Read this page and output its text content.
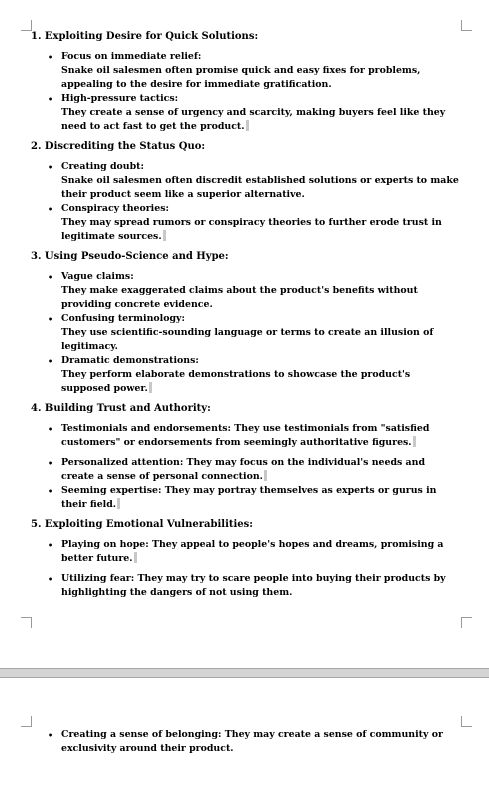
1. Exploiting Desire for Quick Solutions:
• Focus on immediate relief:
Snake oil salesmen often promise quick and easy fixes for problems, appealing to the desire for immediate gratification.
• High-pressure tactics:
They create a sense of urgency and scarcity, making buyers feel like they need to act fast to get the product.
2. Discrediting the Status Quo:
• Creating doubt:
Snake oil salesmen often discredit established solutions or experts to make their product seem like a superior alternative.
• Conspiracy theories:
They may spread rumors or conspiracy theories to further erode trust in legitimate sources.
3. Using Pseudo-Science and Hype:
• Vague claims:
They make exaggerated claims about the product's benefits without providing concrete evidence.
• Confusing terminology:
They use scientific-sounding language or terms to create an illusion of legitimacy.
• Dramatic demonstrations:
They perform elaborate demonstrations to showcase the product's supposed power.
4. Building Trust and Authority:
• Testimonials and endorsements: They use testimonials from "satisfied customers" or endorsements from seemingly authoritative figures.
• Personalized attention: They may focus on the individual's needs and create a sense of personal connection.
• Seeming expertise: They may portray themselves as experts or gurus in their field.
5. Exploiting Emotional Vulnerabilities:
• Playing on hope: They appeal to people's hopes and dreams, promising a better future.
• Utilizing fear: They may try to scare people into buying their products by highlighting the dangers of not using them.
• Creating a sense of belonging: They may create a sense of community or exclusivity around their product.
